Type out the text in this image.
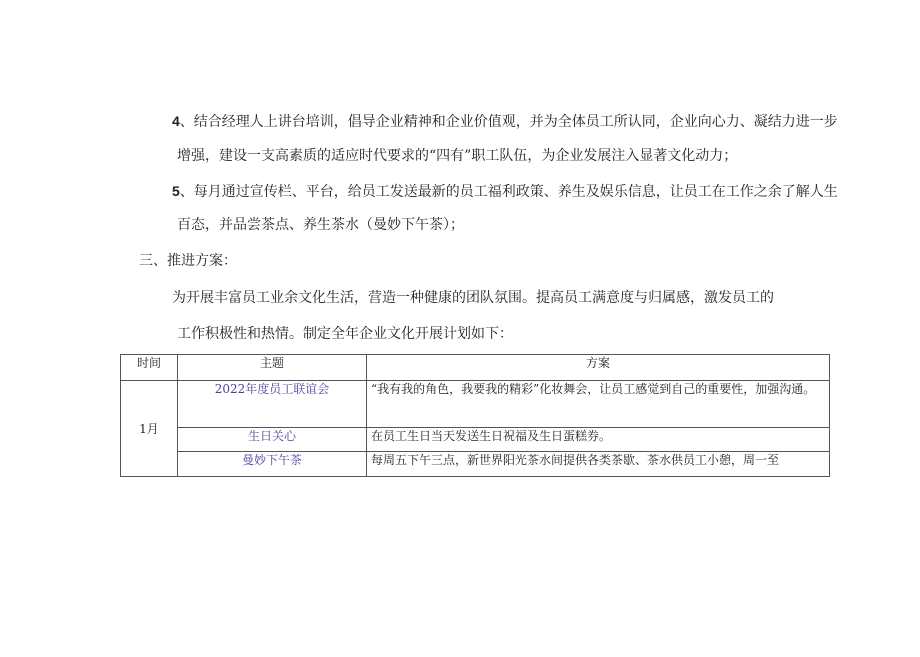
4、结合经理人上讲台培训，倡导企业精神和企业价值观，并为全体员工所认同，企业向心力、凝结力进一步
增强，建设一支高素质的适应时代要求的“四有”职工队伍，为企业发展注入显著文化动力；
5、每月通过宣传栏、平台，给员工发送最新的员工福利政策、养生及娱乐信息，让员工在工作之余了解人生
百态，并品尝茶点、养生茶水（曼妙下午茶）；
三、推进方案：
为开展丰富员工业余文化生活，营造一种健康的团队氛围。提高员工满意度与归属感，激发员工的
工作积极性和热情。制定全年企业文化开展计划如下：
时间	主题	方案
1月	2022年度员工联谊会	“我有我的角色，我要我的精彩”化妆舞会，让员工感觉到自己的重要性，加强沟通。
	生日关心	在员工生日当天发送生日祝福及生日蛋糕券。
	曼妙下午茶	每周五下午三点，新世界阳光茶水间提供各类茶歇、茶水供员工小憩，周一至
